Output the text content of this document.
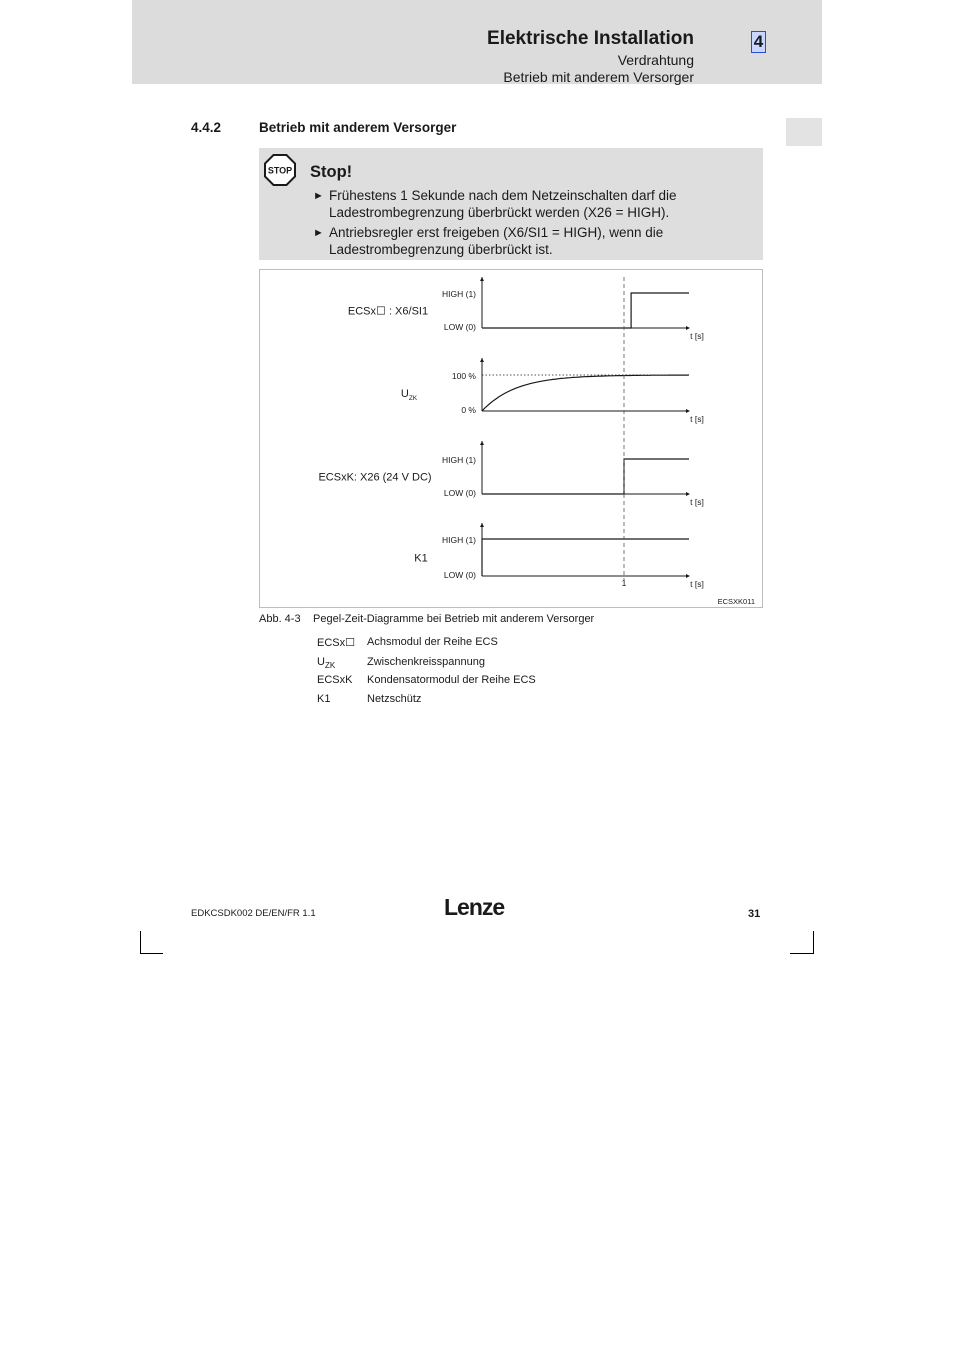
Elektrische Installation
Verdrahtung
Betrieb mit anderem Versorger
4
4.4.2	Betrieb mit anderem Versorger
STOP Stop!
► Frühestens 1 Sekunde nach dem Netzeinschalten darf die Ladestrombegrenzung überbrückt werden (X26 = HIGH).
► Antriebsregler erst freigeben (X6/SI1 = HIGH), wenn die Ladestrombegrenzung überbrückt ist.
HIGH (1)
LOW (0)
t [s]
ECSx☐ : X6/SI1
100 %
0 %
t [s]
$U_{ZK}$
HIGH (1)
LOW (0)
t [s]
ECSxK: X26 (24 V DC)
HIGH (1)
LOW (0)
t [s]
K1
1
ECSXK011
Abb. 4-3 Pegel-Zeit-Diagramme bei Betrieb mit anderem Versorger
ECSx☐ Achsmodul der Reihe ECS
$U_{ZK}$	Zwischenkreisspannung
ECSxK Kondensatormodul der Reihe ECS
K1	Netzschütz
EDKCSDK002 DE/EN/FR 1.1	Lenze	31
